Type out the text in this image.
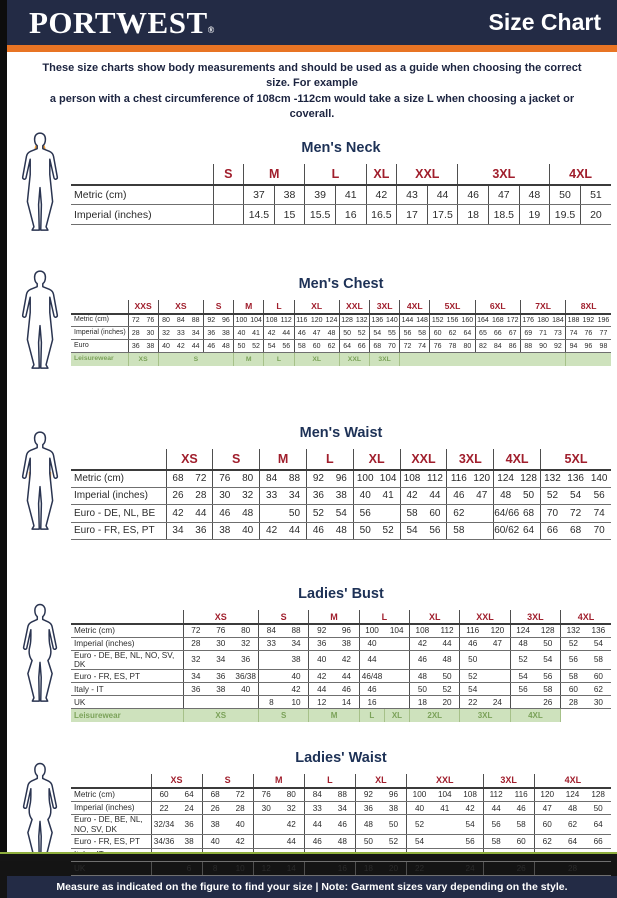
PORTWEST®	Size Chart

These size charts show body measurements and should be used as a guide when choosing the correct size. For example
a person with a chest circumference of 108cm -112cm would take a size L when choosing a jacket or coverall.

Men's Neck
	S	M		L		XL	XXL		3XL			4XL	
Metric (cm)		37	38	39	41	42	43	44	46	47	48	50	51
Imperial (inches)		14.5	15	15.5	16	16.5	17	17.5	18	18.5	19	19.5	20
Men's Chest
	XXS		XS			S		M		L		XL			XXL		3XL		4XL		5XL			6XL			7XL			8XL		
Metric (cm)	72	76	80	84	88	92	96	100	104	108	112	116	120	124	128	132	136	140	144	148	152	156	160	164	168	172	176	180	184	188	192	196
Imperial (inches)	28	30	32	33	34	36	38	40	41	42	44	46	47	48	50	52	54	55	56	58	60	62	64	65	66	67	69	71	73	74	76	77
Euro	36	38	40	42	44	46	48	50	52	54	56	58	60	62	64	66	68	70	72	74	76	78	80	82	84	86	88	90	92	94	96	98
Leisurewear	XS		S					M		L		XL			XXL		3XL															
Men's Waist
	XS		S		M		L		XL		XXL		3XL		4XL		5XL		
Metric (cm)	68	72	76	80	84	88	92	96	100	104	108	112	116	120	124	128	132	136	140
Imperial (inches)	26	28	30	32	33	34	36	38	40	41	42	44	46	47	48	50	52	54	56
Euro - DE, NL, BE	42	44	46	48		50	52	54	56		58	60	62		64/66	68	70	72	74
Euro - FR, ES, PT	34	36	38	40	42	44	46	48	50	52	54	56	58		60/62	64	66	68	70
Ladies' Bust
	XS			S		M		L		XL		XXL		3XL		4XL	
Metric (cm)	72	76	80	84	88	92	96	100	104	108	112	116	120	124	128	132	136
Imperial (inches)	28	30	32	33	34	36	38	40		42	44	46	47	48	50	52	54
Euro - DE, BE, NL, NO, SV, DK	32	34	36		38	40	42	44		46	48	50		52	54	56	58
Euro - FR, ES, PT	34	36	36/38		40	42	44	46/48		48	50	52		54	56	58	60
Italy - IT	36	38	40		42	44	46	46		50	52	54		56	58	60	62
UK				8	10	12	14	16		18	20	22	24		26	28	30
Leisurewear	XS			S		M		L	XL	2XL		3XL		4XL			
Ladies' Waist
	XS		S		M		L		XL		XXL			3XL		4XL		
Metric (cm)	60	64	68	72	76	80	84	88	92	96	100	104	108	112	116	120	124	128
Imperial (inches)	22	24	26	28	30	32	33	34	36	38	40	41	42	44	46	47	48	50
Euro - DE, BE, NL, NO, SV, DK	32/34	36	38	40		42	44	46	48	50	52		54	56	58	60	62	64
Euro - FR, ES, PT	34/36	38	40	42		44	46	48	50	52	54		56	58	60	62	64	66

UK		6	8	10	12	14		16	18	20	22		24		26		28	
Measure as indicated on the figure to find your size | Note: Garment sizes vary depending on the style.
